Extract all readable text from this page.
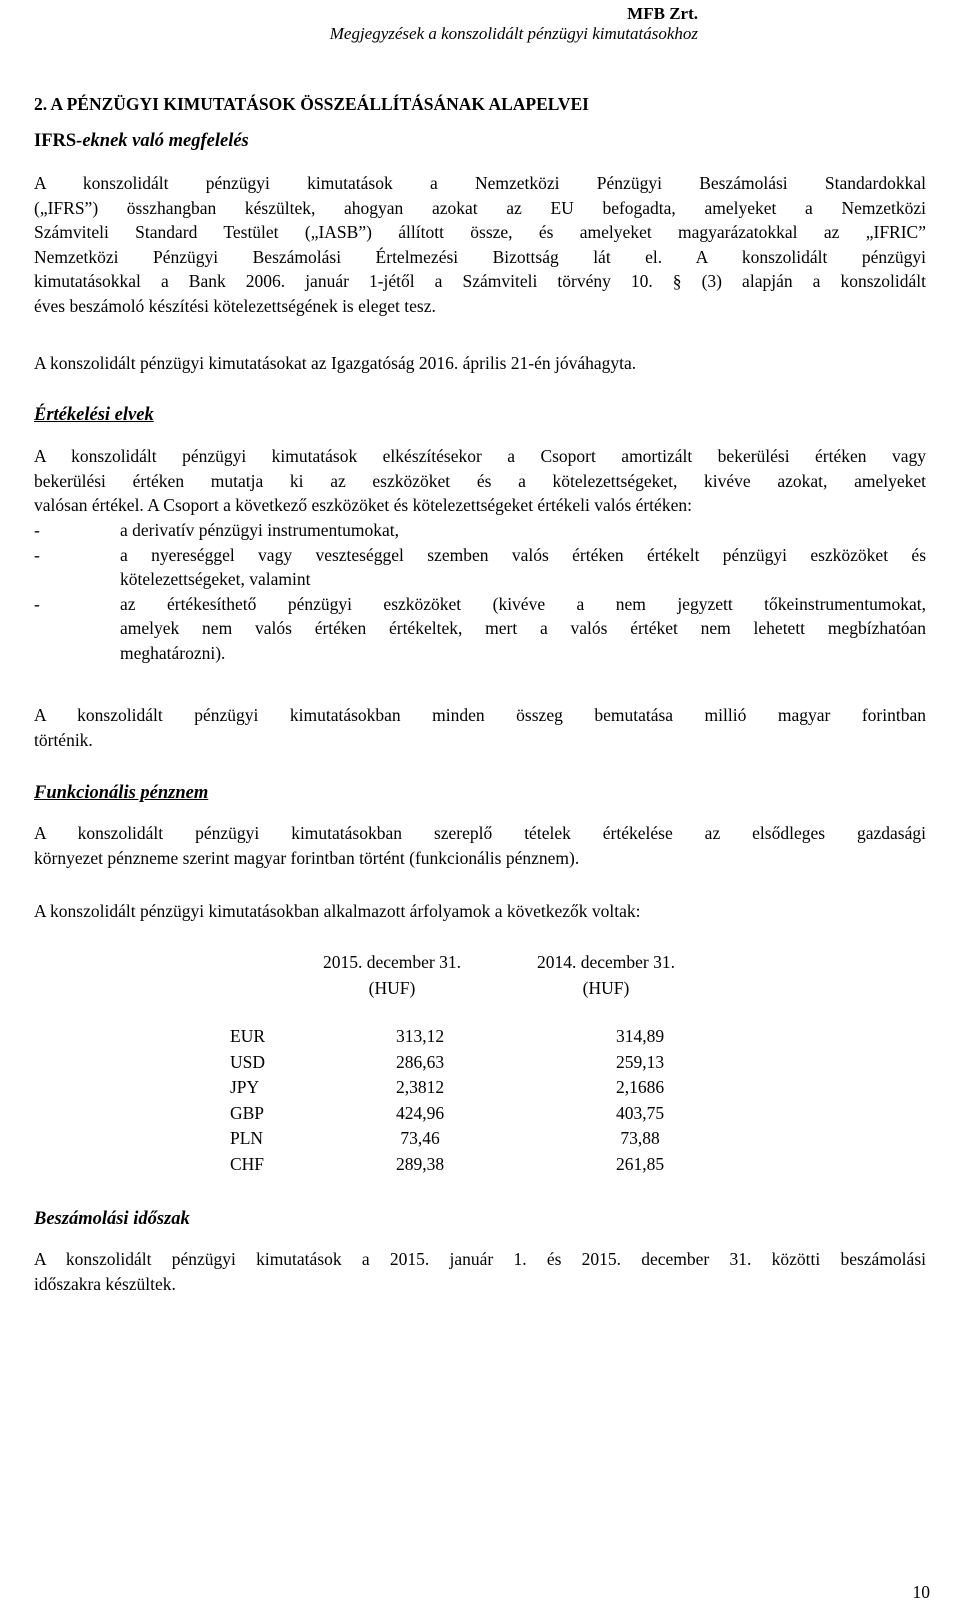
MFB Zrt.
Megjegyzések a konszolidált pénzügyi kimutatásokhoz
2. A PÉNZÜGYI KIMUTATÁSOK ÖSSZEÁLLÍTÁSÁNAK ALAPELVEI
IFRS-eknek való megfelelés
A konszolidált pénzügyi kimutatások a Nemzetközi Pénzügyi Beszámolási Standardokkal
(„IFRS”) összhangban készültek, ahogyan azokat az EU befogadta, amelyeket a Nemzetközi
Számviteli Standard Testület („IASB”) állított össze, és amelyeket magyarázatokkal az „IFRIC”
Nemzetközi Pénzügyi Beszámolási Értelmezési Bizottság lát el. A konszolidált pénzügyi
kimutatásokkal a Bank 2006. január 1-jétől a Számviteli törvény 10. § (3) alapján a konszolidált
éves beszámoló készítési kötelezettségének is eleget tesz.
A konszolidált pénzügyi kimutatásokat az Igazgatóság 2016. április 21-én jóváhagyta.
Értékelési elvek
A konszolidált pénzügyi kimutatások elkészítésekor a Csoport amortizált bekerülési értéken vagy
bekerülési értéken mutatja ki az eszközöket és a kötelezettségeket, kivéve azokat, amelyeket
valósan értékel. A Csoport a következő eszközöket és kötelezettségeket értékeli valós értéken:
-	a derivatív pénzügyi instrumentumokat,
-	a nyereséggel vagy veszteséggel szemben valós értéken értékelt pénzügyi eszközöket és
kötelezettségeket, valamint
-	az értékesíthető pénzügyi eszközöket (kivéve a nem jegyzett tőkeinstrumentumokat,
amelyek nem valós értéken értékeltek, mert a valós értéket nem lehetett megbízhatóan
meghatározni).
A konszolidált pénzügyi kimutatásokban minden összeg bemutatása millió magyar forintban
történik.
Funkcionális pénznem
A konszolidált pénzügyi kimutatásokban szereplő tételek értékelése az elsődleges gazdasági
környezet pénzneme szerint magyar forintban történt (funkcionális pénznem).
A konszolidált pénzügyi kimutatásokban alkalmazott árfolyamok a következők voltak:
2015. december 31.
(HUF)
2014. december 31.
(HUF)
EUR	313,12	314,89
USD	286,63	259,13
JPY	2,3812	2,1686
GBP	424,96	403,75
PLN	73,46	73,88
CHF	289,38	261,85
Beszámolási időszak
A konszolidált pénzügyi kimutatások a 2015. január 1. és 2015. december 31. közötti beszámolási
időszakra készültek.
10
